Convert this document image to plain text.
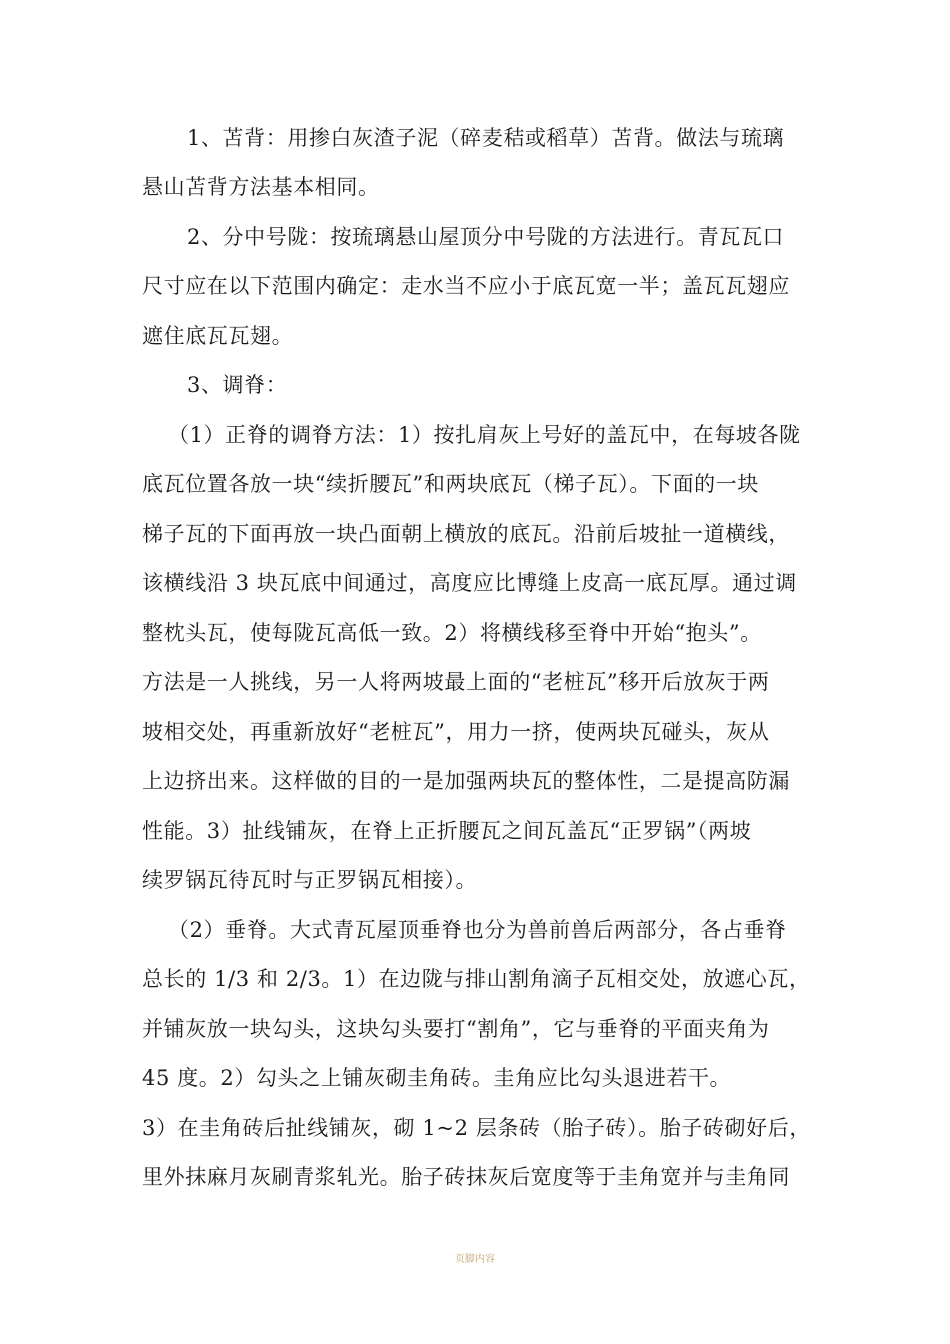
1、苫背：用掺白灰渣子泥（碎麦秸或稻草）苫背。做法与琉璃
悬山苫背方法基本相同。
2、分中号陇：按琉璃悬山屋顶分中号陇的方法进行。青瓦瓦口
尺寸应在以下范围内确定：走水当不应小于底瓦宽一半；盖瓦瓦翅应
遮住底瓦瓦翅。
3、调脊：
（1）正脊的调脊方法：1）按扎肩灰上号好的盖瓦中，在每坡各陇
底瓦位置各放一块“续折腰瓦”和两块底瓦（梯子瓦）。下面的一块
梯子瓦的下面再放一块凸面朝上横放的底瓦。沿前后坡扯一道横线，
该横线沿 3 块瓦底中间通过，高度应比博缝上皮高一底瓦厚。通过调
整枕头瓦，使每陇瓦高低一致。2）将横线移至脊中开始“抱头”。
方法是一人挑线，另一人将两坡最上面的“老桩瓦”移开后放灰于两
坡相交处，再重新放好“老桩瓦”，用力一挤，使两块瓦碰头，灰从
上边挤出来。这样做的目的一是加强两块瓦的整体性，二是提高防漏
性能。3）扯线铺灰，在脊上正折腰瓦之间瓦盖瓦“正罗锅”（两坡
续罗锅瓦待瓦时与正罗锅瓦相接）。
（2）垂脊。大式青瓦屋顶垂脊也分为兽前兽后两部分，各占垂脊
总长的 1/3 和 2/3。1）在边陇与排山割角滴子瓦相交处，放遮心瓦，
并铺灰放一块勾头，这块勾头要打“割角”，它与垂脊的平面夹角为
45 度。2）勾头之上铺灰砌圭角砖。圭角应比勾头退进若干。
3）在圭角砖后扯线铺灰，砌 1~2 层条砖（胎子砖）。胎子砖砌好后，
里外抹麻月灰刷青浆轧光。胎子砖抹灰后宽度等于圭角宽并与圭角同
页脚内容
